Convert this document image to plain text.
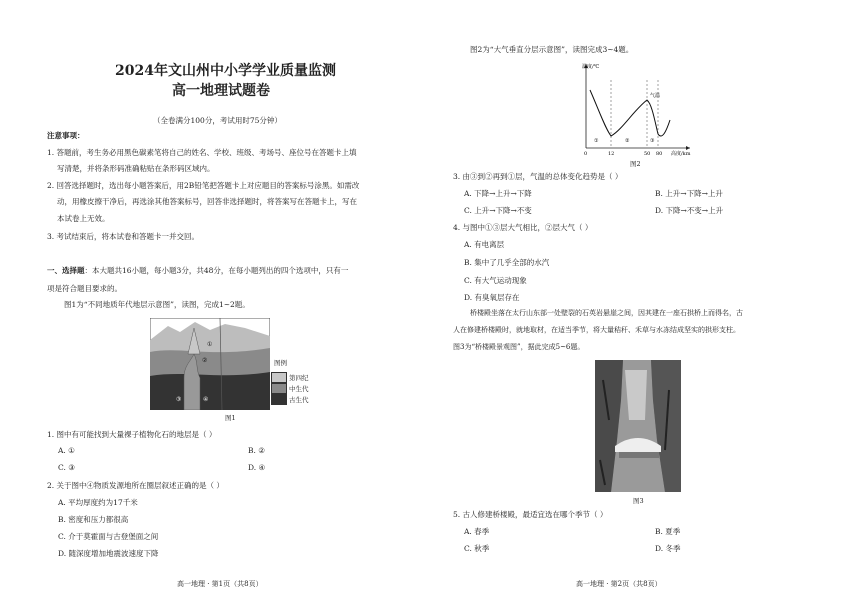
2024年文山州中小学学业质量监测
高一地理试题卷
（全卷满分100分，考试用时75分钟）
注意事项：
1. 答题前，考生务必用黑色碳素笔将自己的姓名、学校、班级、考场号、座位号在答题卡上填
写清楚，并将条形码准确粘贴在条形码区域内。
2. 回答选择题时，选出每小题答案后，用2B铅笔把答题卡上对应题目的答案标号涂黑。如需改
动，用橡皮擦干净后，再选涂其他答案标号，回答非选择题时，将答案写在答题卡上，写在
本试卷上无效。
3. 考试结束后，将本试卷和答题卡一并交回。
一、选择题：本大题共16小题，每小题3分，共48分，在每小题列出的四个选项中，只有一
项是符合题目要求的。
图1为“不同地质年代地层示意图”，读图，完成1~2题。
①
②
③	④
图例
第四纪
中生代
古生代
图1
1. 图中有可能找到大量裸子植物化石的地层是（ ）
A. ①	B. ②
C. ③	D. ④
2. 关于图中④物质发源地所在圈层叙述正确的是（ ）
A. 平均厚度约为17千米
B. 密度和压力都很高
C. 介于莫霍面与古登堡面之间
D. 随深度增加地震波速度下降
高一地理 · 第1页（共8页）
图2为“大气垂直分层示意图”，读图完成3~4题。
温度/℃
气温
①	②	③
0	12	50 80 高度/km
图2
3. 由③到②再到①层，气温的总体变化趋势是（ ）
A. 下降→上升→下降	B. 上升→下降→上升
C. 上升→下降→不变	D. 下降→不变→上升
4. 与图中①③层大气相比，②层大气（ ）
A. 有电离层
B. 集中了几乎全部的水汽
C. 有大气运动现象
D. 有臭氧层存在
桥楼殿坐落在太行山东部一处壁裂的石英岩悬崖之间，因其建在一座石拱桥上而得名，古
人在修建桥楼殿时，就地取材，在适当季节，将大量秸秆、禾草与水冻结成坚实的拱形支柱。
图3为“桥楼殿景观图”，据此完成5~6题。
图3
5. 古人修建桥楼殿，最适宜选在哪个季节（ ）
A. 春季	B. 夏季
C. 秋季	D. 冬季
高一地理 · 第2页（共8页）
